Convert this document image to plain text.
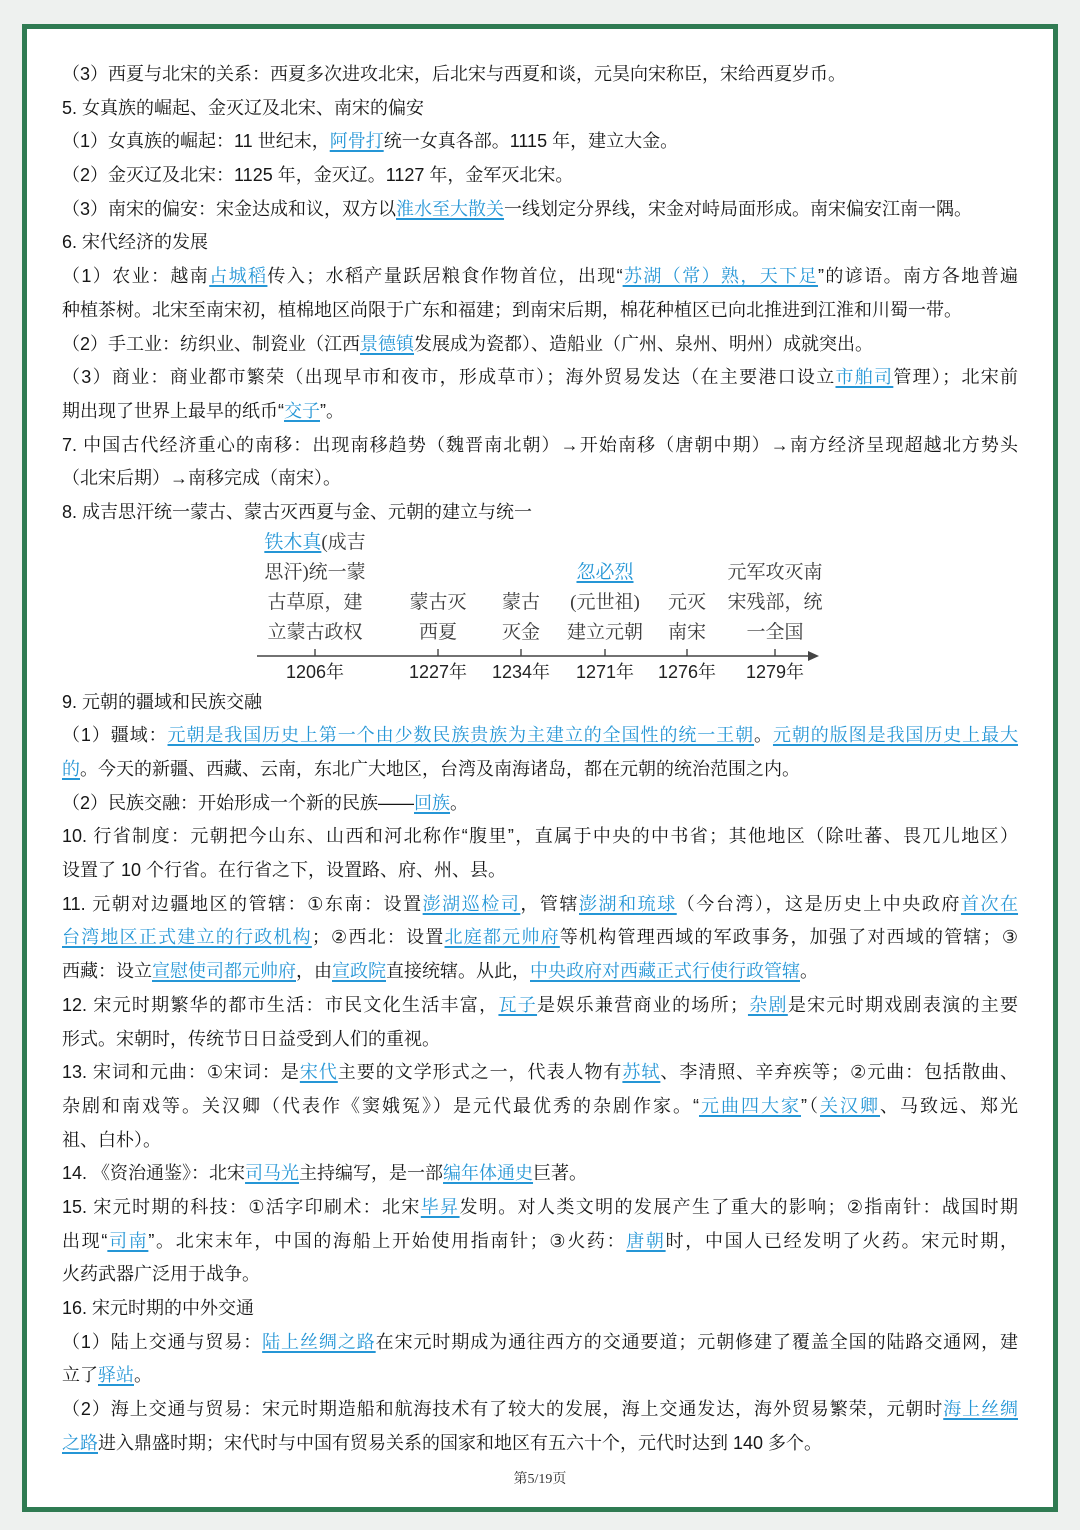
（3）西夏与北宋的关系：西夏多次进攻北宋，后北宋与西夏和谈，元昊向宋称臣，宋给西夏岁币。
5. 女真族的崛起、金灭辽及北宋、南宋的偏安
（1）女真族的崛起：11 世纪末，阿骨打统一女真各部。1115 年，建立大金。
（2）金灭辽及北宋：1125 年，金灭辽。1127 年，金军灭北宋。
（3）南宋的偏安：宋金达成和议，双方以淮水至大散关一线划定分界线，宋金对峙局面形成。南宋偏安江南一隅。
6. 宋代经济的发展
（1）农业：越南占城稻传入；水稻产量跃居粮食作物首位，出现“苏湖（常）熟，天下足”的谚语。南方各地普遍
种植茶树。北宋至南宋初，植棉地区尚限于广东和福建；到南宋后期，棉花种植区已向北推进到江淮和川蜀一带。
（2）手工业：纺织业、制瓷业（江西景德镇发展成为瓷都）、造船业（广州、泉州、明州）成就突出。
（3）商业：商业都市繁荣（出现早市和夜市，形成草市）；海外贸易发达（在主要港口设立市舶司管理）；北宋前
期出现了世界上最早的纸币“交子”。
7. 中国古代经济重心的南移：出现南移趋势（魏晋南北朝）→开始南移（唐朝中期）→南方经济呈现超越北方势头
（北宋后期）→南移完成（南宋）。
8. 成吉思汗统一蒙古、蒙古灭西夏与金、元朝的建立与统一
铁木真(成吉
思汗)统一蒙
古草原，建
立蒙古政权
1206年
蒙古灭
西夏
1227年
蒙古
灭金
1234年
忽必烈
(元世祖)
建立元朝
1271年
元灭
南宋
1276年
元军攻灭南
宋残部，统
一全国
1279年
9. 元朝的疆域和民族交融
（1）疆域：元朝是我国历史上第一个由少数民族贵族为主建立的全国性的统一王朝。元朝的版图是我国历史上最大
的。今天的新疆、西藏、云南，东北广大地区，台湾及南海诸岛，都在元朝的统治范围之内。
（2）民族交融：开始形成一个新的民族——回族。
10. 行省制度：元朝把今山东、山西和河北称作“腹里”，直属于中央的中书省；其他地区（除吐蕃、畏兀儿地区）
设置了 10 个行省。在行省之下，设置路、府、州、县。
11. 元朝对边疆地区的管辖：①东南：设置澎湖巡检司，管辖澎湖和琉球（今台湾），这是历史上中央政府首次在
台湾地区正式建立的行政机构；②西北：设置北庭都元帅府等机构管理西域的军政事务，加强了对西域的管辖；③
西藏：设立宣慰使司都元帅府，由宣政院直接统辖。从此，中央政府对西藏正式行使行政管辖。
12. 宋元时期繁华的都市生活：市民文化生活丰富，瓦子是娱乐兼营商业的场所；杂剧是宋元时期戏剧表演的主要
形式。宋朝时，传统节日日益受到人们的重视。
13. 宋词和元曲：①宋词：是宋代主要的文学形式之一，代表人物有苏轼、李清照、辛弃疾等；②元曲：包括散曲、
杂剧和南戏等。关汉卿（代表作《窦娥冤》）是元代最优秀的杂剧作家。“元曲四大家”（关汉卿、马致远、郑光
祖、白朴）。
14. 《资治通鉴》：北宋司马光主持编写，是一部编年体通史巨著。
15. 宋元时期的科技：①活字印刷术：北宋毕昇发明。对人类文明的发展产生了重大的影响；②指南针：战国时期
出现“司南”。北宋末年，中国的海船上开始使用指南针；③火药：唐朝时，中国人已经发明了火药。宋元时期，
火药武器广泛用于战争。
16. 宋元时期的中外交通
（1）陆上交通与贸易：陆上丝绸之路在宋元时期成为通往西方的交通要道；元朝修建了覆盖全国的陆路交通网，建
立了驿站。
（2）海上交通与贸易：宋元时期造船和航海技术有了较大的发展，海上交通发达，海外贸易繁荣，元朝时海上丝绸
之路进入鼎盛时期；宋代时与中国有贸易关系的国家和地区有五六十个，元代时达到 140 多个。
第5/19页
